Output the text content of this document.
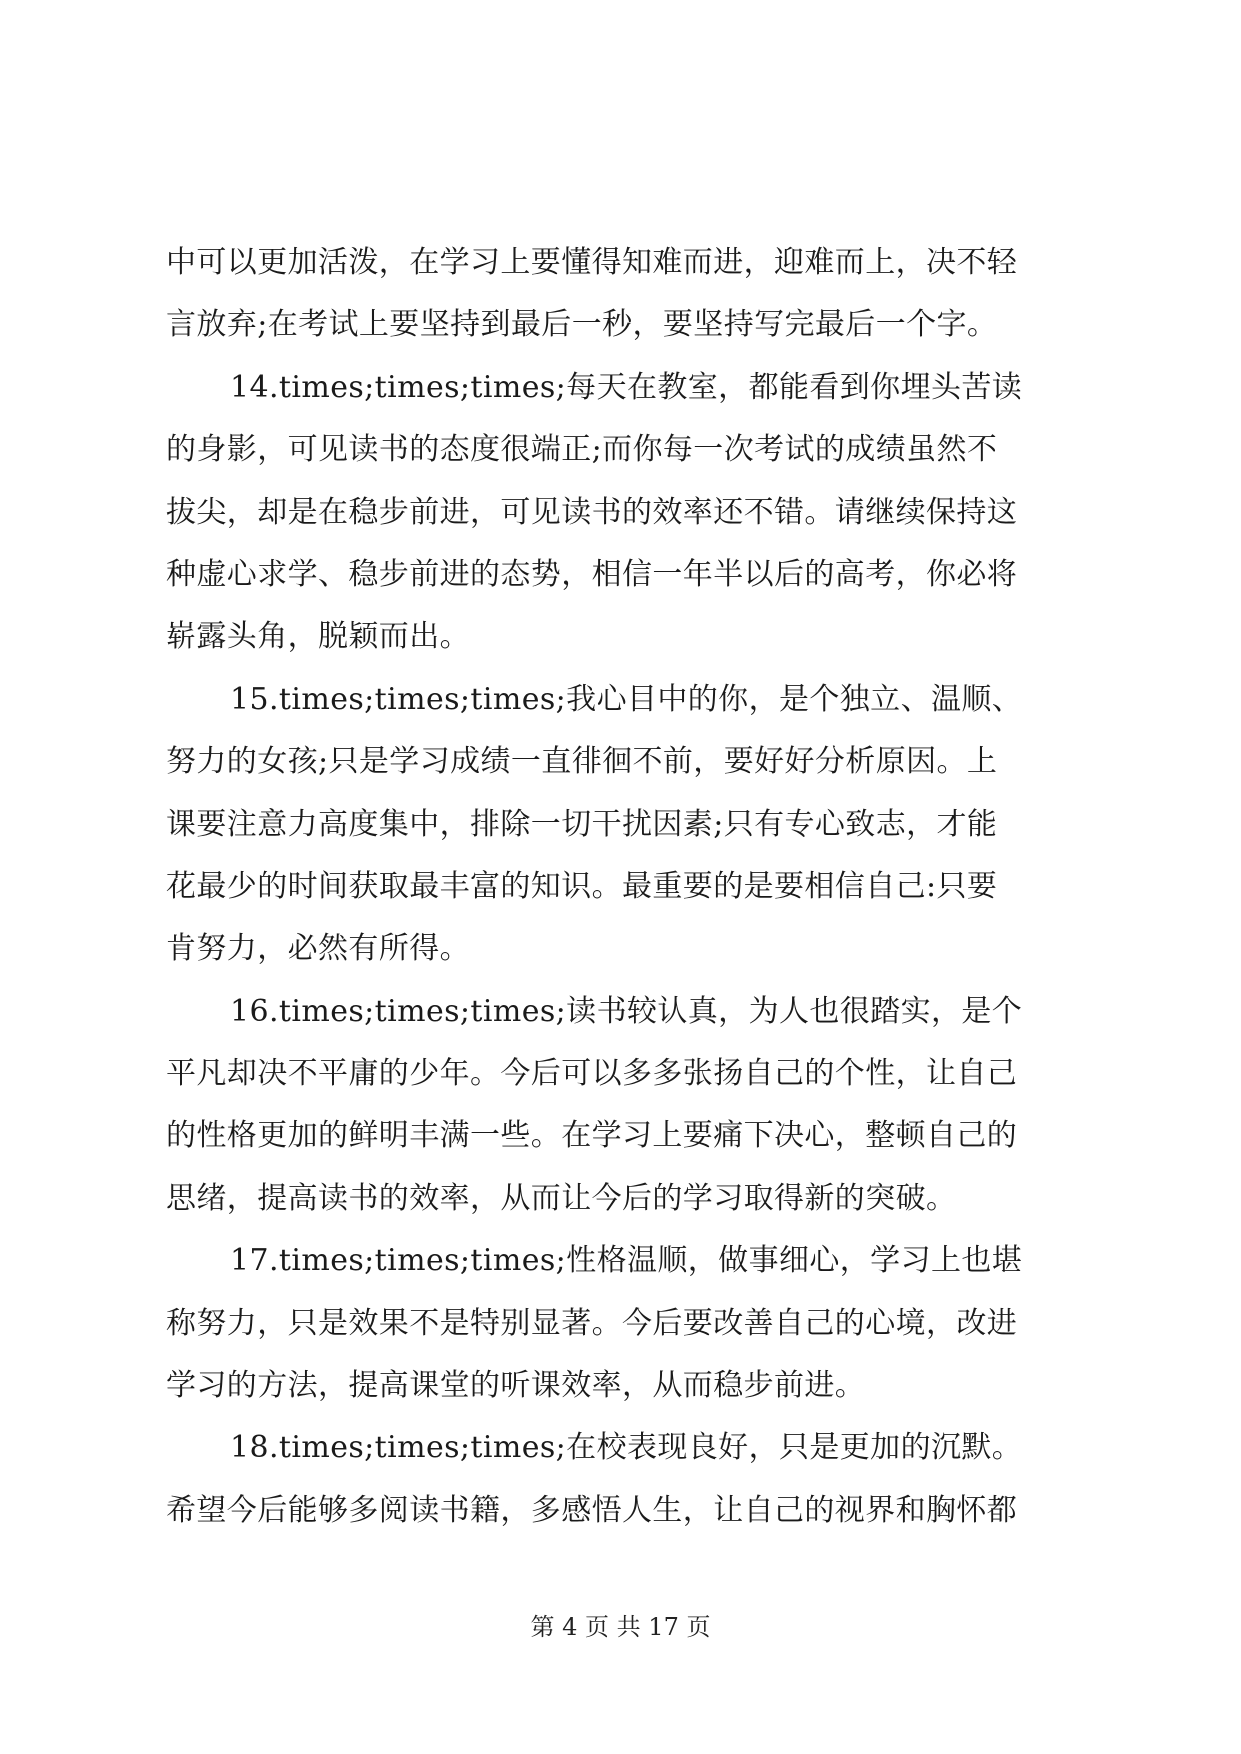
中可以更加活泼，在学习上要懂得知难而进，迎难而上，决不轻
言放弃;在考试上要坚持到最后一秒，要坚持写完最后一个字。
14.times;times;times;每天在教室，都能看到你埋头苦读
的身影，可见读书的态度很端正;而你每一次考试的成绩虽然不
拔尖，却是在稳步前进，可见读书的效率还不错。请继续保持这
种虚心求学、稳步前进的态势，相信一年半以后的高考，你必将
崭露头角，脱颖而出。
15.times;times;times;我心目中的你，是个独立、温顺、
努力的女孩;只是学习成绩一直徘徊不前，要好好分析原因。上
课要注意力高度集中，排除一切干扰因素;只有专心致志，才能
花最少的时间获取最丰富的知识。最重要的是要相信自己:只要
肯努力，必然有所得。
16.times;times;times;读书较认真，为人也很踏实，是个
平凡却决不平庸的少年。今后可以多多张扬自己的个性，让自己
的性格更加的鲜明丰满一些。在学习上要痛下决心，整顿自己的
思绪，提高读书的效率，从而让今后的学习取得新的突破。
17.times;times;times;性格温顺，做事细心，学习上也堪
称努力，只是效果不是特别显著。今后要改善自己的心境，改进
学习的方法，提高课堂的听课效率，从而稳步前进。
18.times;times;times;在校表现良好，只是更加的沉默。
希望今后能够多阅读书籍，多感悟人生，让自己的视界和胸怀都
第 4 页 共 17 页
